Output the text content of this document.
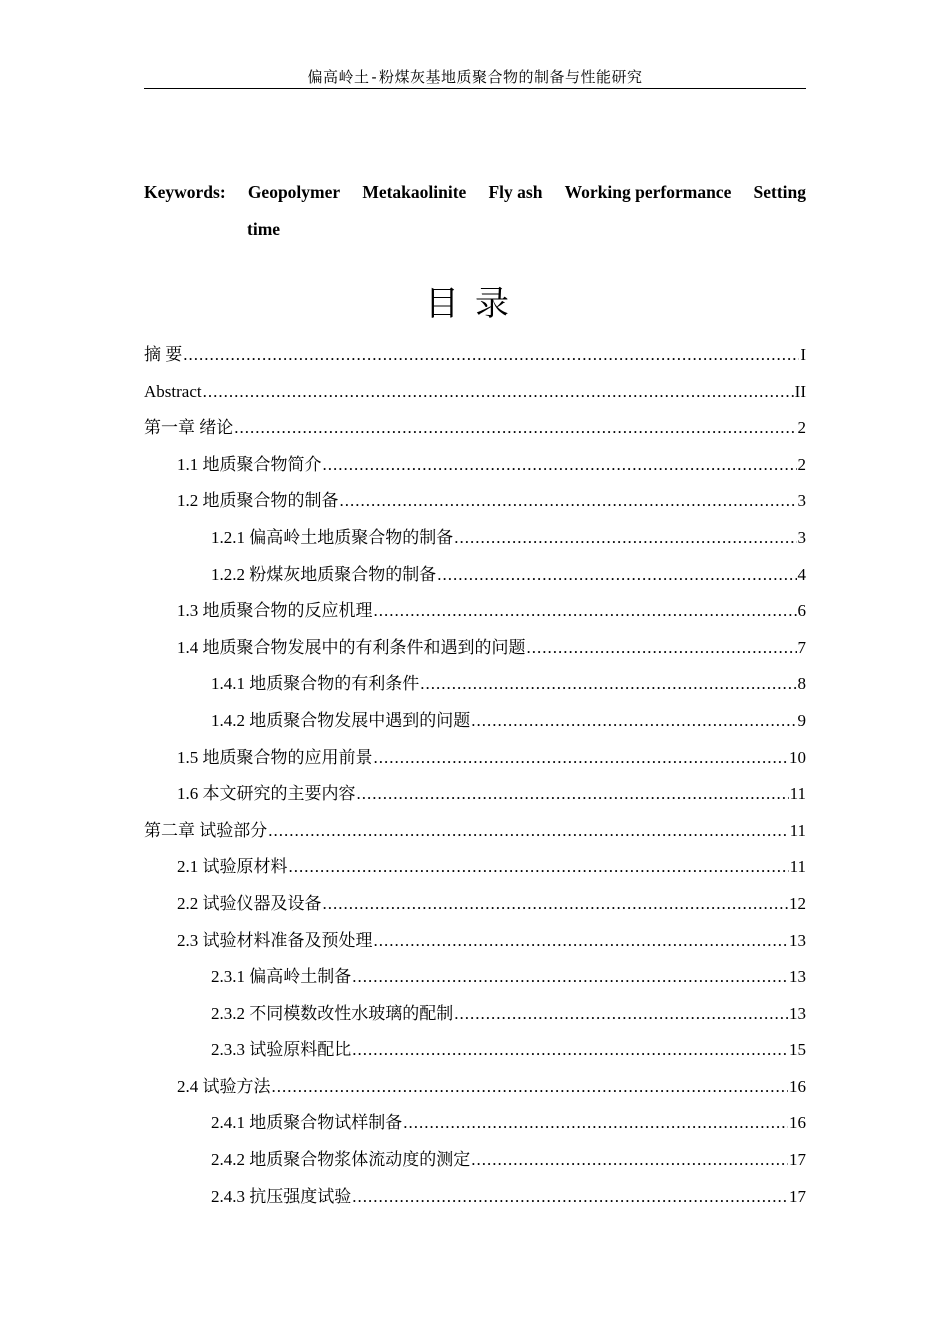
偏高岭土-粉煤灰基地质聚合物的制备与性能研究
Keywords: Geopolymer Metakaolinite Fly ash Working performance Setting
time
目录
摘 要 .....	I
Abstract .....	II
第一章 绪论 .....	2
1.1 地质聚合物简介 .....	2
1.2 地质聚合物的制备 .....	3
1.2.1 偏高岭土地质聚合物的制备 .....	3
1.2.2 粉煤灰地质聚合物的制备 .....	4
1.3 地质聚合物的反应机理 .....	6
1.4 地质聚合物发展中的有利条件和遇到的问题 .....	7
1.4.1 地质聚合物的有利条件 .....	8
1.4.2 地质聚合物发展中遇到的问题 .....	9
1.5 地质聚合物的应用前景 .....	10
1.6 本文研究的主要内容 .....	11
第二章 试验部分 .....	11
2.1 试验原材料 .....	11
2.2 试验仪器及设备 .....	12
2.3 试验材料准备及预处理 .....	13
2.3.1 偏高岭土制备 .....	13
2.3.2 不同模数改性水玻璃的配制 .....	13
2.3.3 试验原料配比 .....	15
2.4 试验方法 .....	16
2.4.1 地质聚合物试样制备 .....	16
2.4.2 地质聚合物浆体流动度的测定 .....	17
2.4.3 抗压强度试验 .....	17
